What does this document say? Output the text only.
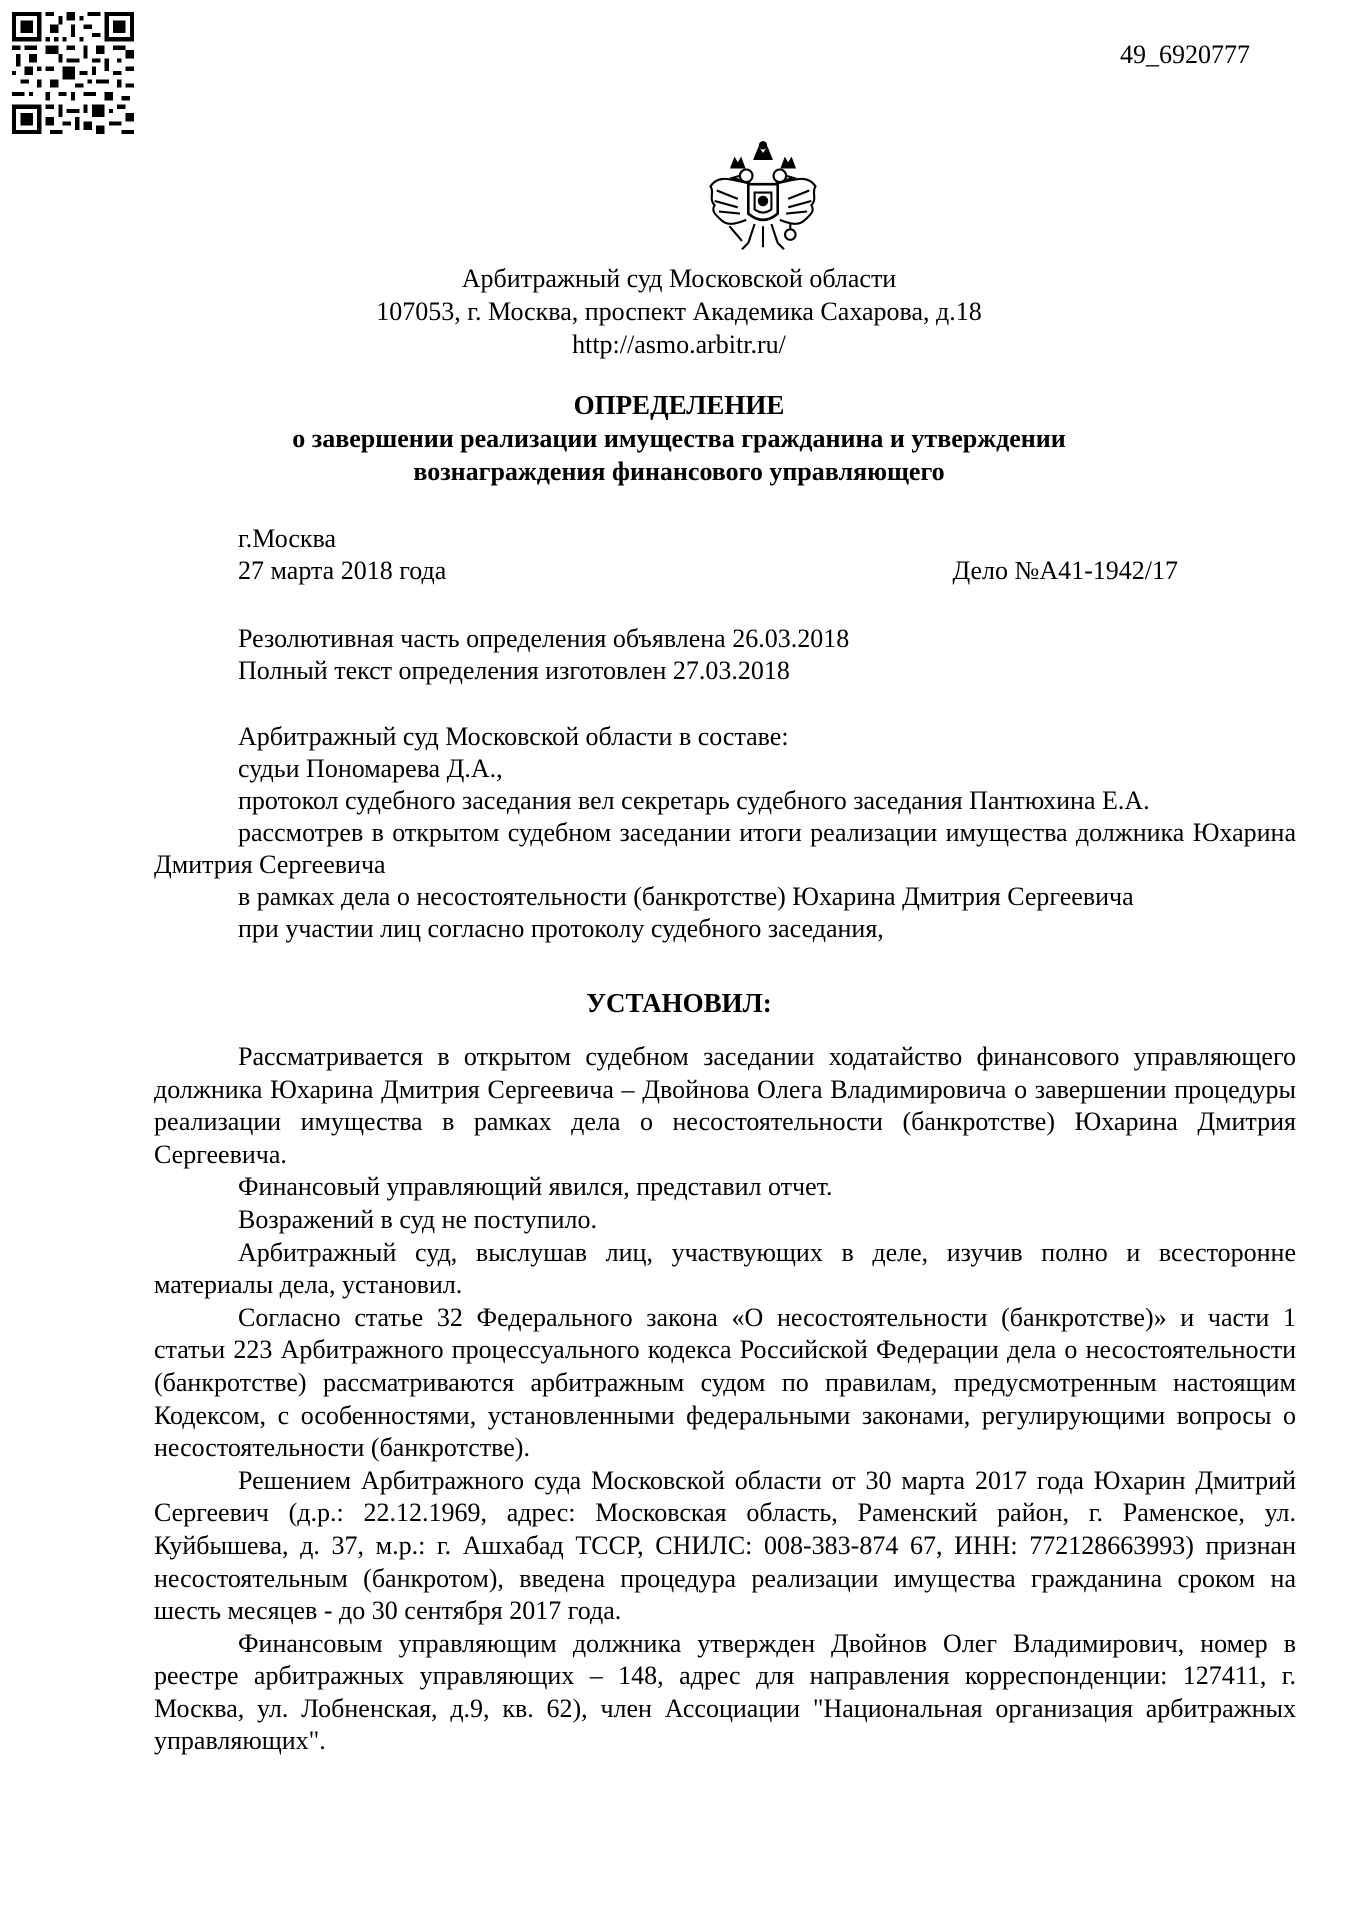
49_6920777
Арбитражный суд Московской области
107053, г. Москва, проспект Академика Сахарова, д.18
http://asmo.arbitr.ru/
ОПРЕДЕЛЕНИЕ
о завершении реализации имущества гражданина и утверждении
вознаграждения финансового управляющего
г.Москва
27 марта 2018 года	Дело №А41-1942/17
Резолютивная часть определения объявлена 26.03.2018
Полный текст определения изготовлен 27.03.2018
Арбитражный суд Московской области в составе:
судьи Пономарева Д.А.,
протокол судебного заседания вел секретарь судебного заседания Пантюхина Е.А.
рассмотрев в открытом судебном заседании итоги реализации имущества должника Юхарина Дмитрия Сергеевича
в рамках дела о несостоятельности (банкротстве) Юхарина Дмитрия Сергеевича
при участии лиц согласно протоколу судебного заседания,
УСТАНОВИЛ:

Рассматривается в открытом судебном заседании ходатайство финансового управляющего должника Юхарина Дмитрия Сергеевича – Двойнова Олега Владимировича о завершении процедуры реализации имущества в рамках дела о несостоятельности (банкротстве) Юхарина Дмитрия Сергеевича.

Финансовый управляющий явился, представил отчет.

Возражений в суд не поступило.

Арбитражный суд, выслушав лиц, участвующих в деле, изучив полно и всесторонне материалы дела, установил.

Согласно статье 32 Федерального закона «О несостоятельности (банкротстве)» и части 1 статьи 223 Арбитражного процессуального кодекса Российской Федерации дела о несостоятельности (банкротстве) рассматриваются арбитражным судом по правилам, предусмотренным настоящим Кодексом, с особенностями, установленными федеральными законами, регулирующими вопросы о несостоятельности (банкротстве).

Решением Арбитражного суда Московской области от 30 марта 2017 года Юхарин Дмитрий Сергеевич (д.р.: 22.12.1969, адрес: Московская область, Раменский район, г. Раменское, ул. Куйбышева, д. 37, м.р.: г. Ашхабад ТССР, СНИЛС: 008-383-874 67, ИНН: 772128663993) признан несостоятельным (банкротом), введена процедура реализации имущества гражданина сроком на шесть месяцев - до 30 сентября 2017 года.

Финансовым управляющим должника утвержден Двойнов Олег Владимирович, номер в реестре арбитражных управляющих – 148, адрес для направления корреспонденции: 127411, г. Москва, ул. Лобненская, д.9, кв. 62), член Ассоциации "Национальная организация арбитражных управляющих".
